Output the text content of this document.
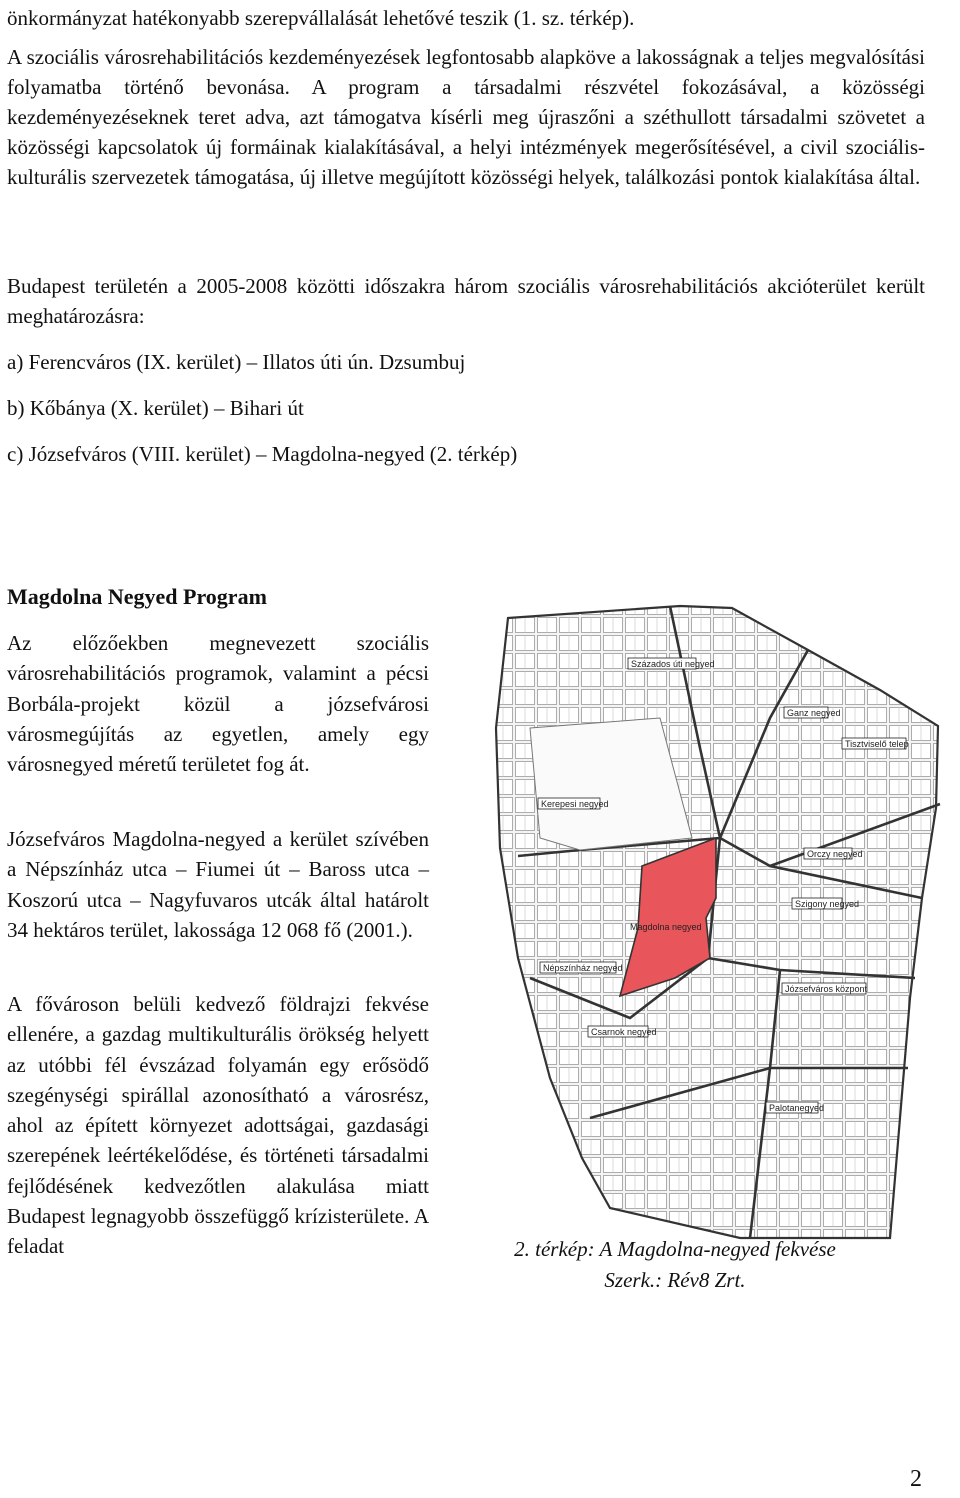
önkormányzat hatékonyabb szerepvállalását lehetővé teszik (1. sz. térkép).

A szociális városrehabilitációs kezdeményezések legfontosabb alapköve a lakosságnak a teljes megvalósítási folyamatba történő bevonása. A program a társadalmi részvétel fokozásával, a közösségi kezdeményezéseknek teret adva, azt támogatva kísérli meg újraszőni a széthullott társadalmi szövetet a közösségi kapcsolatok új formáinak kialakításával, a helyi intézmények megerősítésével, a civil szociális-kulturális szervezetek támogatása, új illetve megújított közösségi helyek, találkozási pontok kialakítása által.

Budapest területén a 2005-2008 közötti időszakra három szociális városrehabilitációs akcióterület került meghatározásra:

a) Ferencváros (IX. kerület) – Illatos úti ún. Dzsumbuj

b) Kőbánya (X. kerület) – Bihari út

c) Józsefváros (VIII. kerület) – Magdolna-negyed (2. térkép)

Magdolna Negyed Program

Az előzőekben megnevezett szociális városrehabilitációs programok, valamint a pécsi Borbála-projekt közül a józsefvárosi városmegújítás az egyetlen, amely egy városnegyed méretű területet fog át.

Józsefváros Magdolna-negyed a kerület szívében a Népszínház utca – Fiumei út – Baross utca – Koszorú utca – Nagyfuvaros utcák által határolt 34 hektáros terület, lakossága 12 068 fő (2001.).

A fővároson belüli kedvező földrajzi fekvése ellenére, a gazdag multikulturális örökség helyett az utóbbi fél évszázad folyamán egy erősödő szegénységi spirállal azonosítható a városrész, ahol az épített környezet adottságai, gazdasági szerepének leértékelődése, és történeti társadalmi fejlődésének kedvezőtlen alakulása miatt Budapest legnagyobb összefüggő krízisterülete. A feladat

Százados úti negyed
Ganz negyed
Tisztviselő telep
Kerepesi negyed
Orczy negyed
Magdolna negyed
Szigony negyed
Népszínház negyed
Józsefváros központ
Csarnok negyed
Palotanegyed

2. térkép: A Magdolna-negyed fekvése

Szerk.: Rév8 Zrt.

2
